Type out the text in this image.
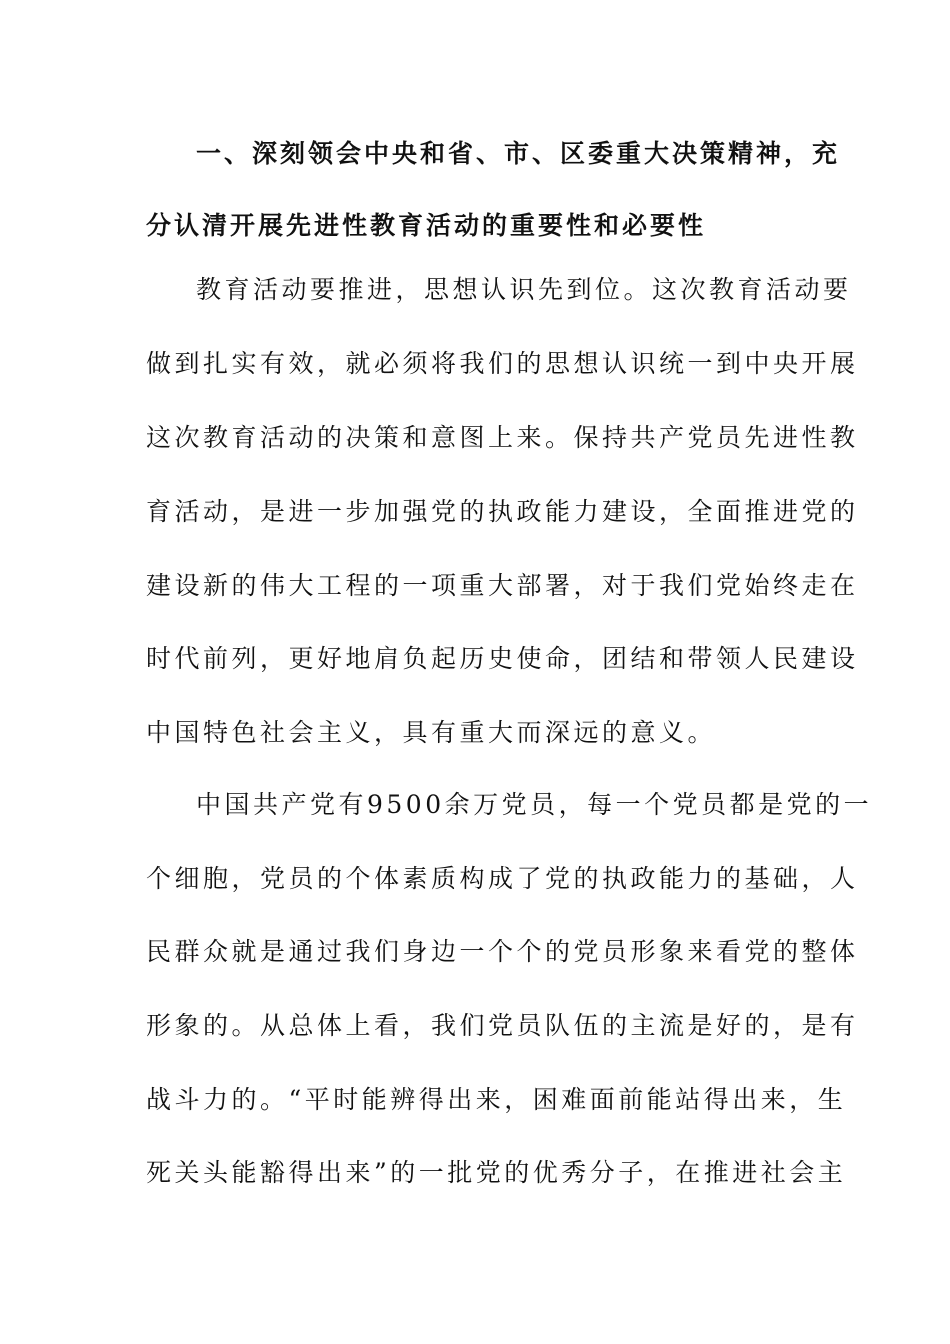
一、深刻领会中央和省、市、区委重大决策精神，充
分认清开展先进性教育活动的重要性和必要性
教育活动要推进，思想认识先到位。这次教育活动要
做到扎实有效，就必须将我们的思想认识统一到中央开展
这次教育活动的决策和意图上来。保持共产党员先进性教
育活动，是进一步加强党的执政能力建设，全面推进党的
建设新的伟大工程的一项重大部署，对于我们党始终走在
时代前列，更好地肩负起历史使命，团结和带领人民建设
中国特色社会主义，具有重大而深远的意义。
中国共产党有9500余万党员，每一个党员都是党的一
个细胞，党员的个体素质构成了党的执政能力的基础，人
民群众就是通过我们身边一个个的党员形象来看党的整体
形象的。从总体上看，我们党员队伍的主流是好的，是有
战斗力的。“平时能辨得出来，困难面前能站得出来，生
死关头能豁得出来”的一批党的优秀分子，在推进社会主
